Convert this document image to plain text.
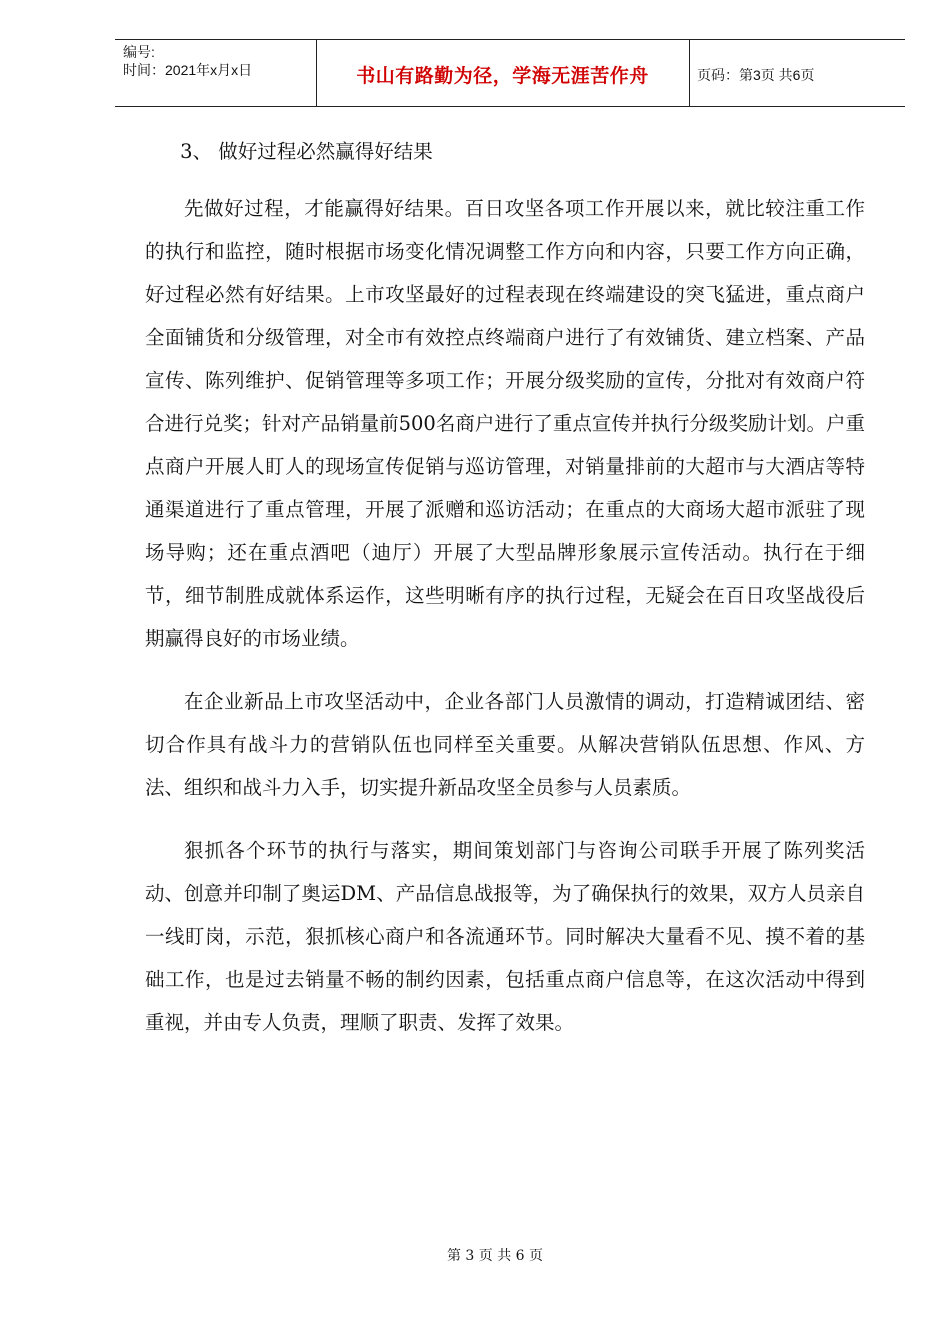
编号:
时间：2021年x月x日	书山有路勤为径，学海无涯苦作舟	页码：第3页 共6页

3、 做好过程必然赢得好结果

先做好过程，才能赢得好结果。百日攻坚各项工作开展以来，就比较注重工作的执行和监控，随时根据市场变化情况调整工作方向和内容，只要工作方向正确，好过程必然有好结果。上市攻坚最好的过程表现在终端建设的突飞猛进，重点商户全面铺货和分级管理，对全市有效控点终端商户进行了有效铺货、建立档案、产品宣传、陈列维护、促销管理等多项工作；开展分级奖励的宣传，分批对有效商户符合进行兑奖；针对产品销量前500名商户进行了重点宣传并执行分级奖励计划。户重点商户开展人盯人的现场宣传促销与巡访管理，对销量排前的大超市与大酒店等特通渠道进行了重点管理，开展了派赠和巡访活动；在重点的大商场大超市派驻了现场导购；还在重点酒吧（迪厅）开展了大型品牌形象展示宣传活动。执行在于细节，细节制胜成就体系运作，这些明晰有序的执行过程，无疑会在百日攻坚战役后期赢得良好的市场业绩。

在企业新品上市攻坚活动中，企业各部门人员激情的调动，打造精诚团结、密切合作具有战斗力的营销队伍也同样至关重要。从解决营销队伍思想、作风、方法、组织和战斗力入手，切实提升新品攻坚全员参与人员素质。

狠抓各个环节的执行与落实，期间策划部门与咨询公司联手开展了陈列奖活动、创意并印制了奥运DM、产品信息战报等，为了确保执行的效果，双方人员亲自一线盯岗，示范，狠抓核心商户和各流通环节。同时解决大量看不见、摸不着的基础工作，也是过去销量不畅的制约因素，包括重点商户信息等，在这次活动中得到重视，并由专人负责，理顺了职责、发挥了效果。

第 3 页 共 6 页
